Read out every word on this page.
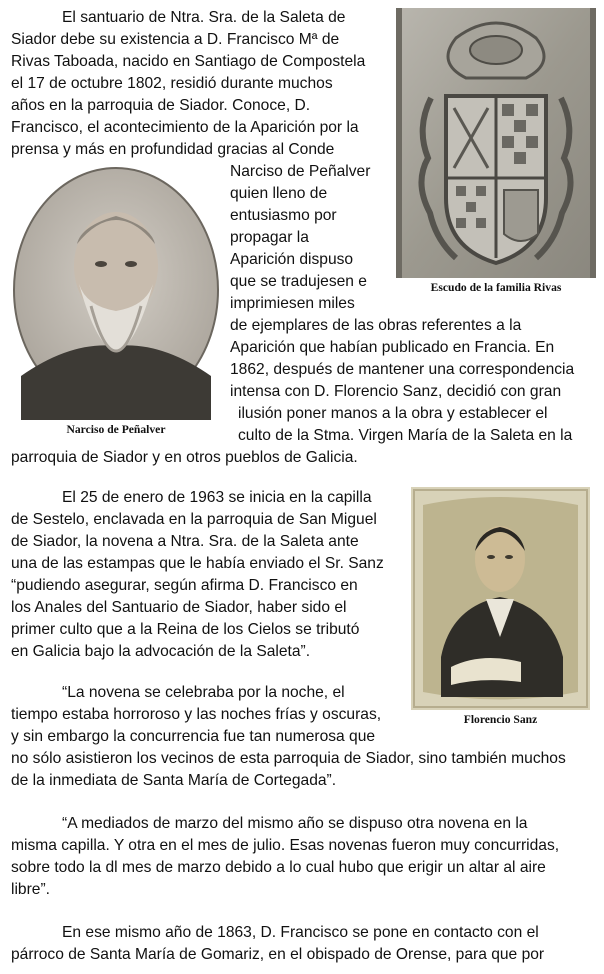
El santuario de Ntra. Sra. de la Saleta de

Siador debe su existencia a D. Francisco Mª de

Rivas Taboada, nacido en Santiago de Compostela

el 17 de octubre 1802, residió durante muchos

años en la parroquia de Siador. Conoce, D.

Francisco, el acontecimiento de la Aparición por la

prensa y más en profundidad gracias al Conde

Narciso de Peñalver

quien lleno de

entusiasmo por

propagar la

Aparición dispuso

que se tradujesen e

imprimiesen miles

de ejemplares de las obras referentes a la

Aparición que habían publicado en Francia. En

1862, después de mantener una correspondencia

intensa con D. Florencio Sanz, decidió con gran

ilusión poner manos a la obra y establecer el

culto de la Stma. Virgen María de la Saleta en la

parroquia de Siador y en otros pueblos de Galicia.

El 25 de enero de 1963 se inicia en la capilla

de Sestelo, enclavada en la parroquia de San Miguel

de Siador, la novena a Ntra. Sra. de la Saleta ante

una de las estampas que le había enviado el Sr. Sanz

“pudiendo asegurar, según afirma D. Francisco en

los Anales del Santuario de Siador, haber sido el

primer culto que a la Reina de los Cielos se tributó

en Galicia bajo la advocación de la Saleta”.

“La novena se celebraba por la noche, el

tiempo estaba horroroso y las noches frías y oscuras,

y sin embargo la concurrencia fue tan numerosa que

no sólo asistieron los vecinos de esta parroquia de Siador, sino también muchos

de la inmediata de Santa María de Cortegada”.

“A mediados de marzo del mismo año se dispuso otra novena en la

misma capilla. Y otra en el mes de julio. Esas novenas fueron muy concurridas,

sobre todo la dl mes de marzo debido a lo cual hubo que erigir un altar al aire

libre”.

En ese mismo año de 1863, D. Francisco se pone en contacto con el

párroco de Santa María de Gomariz, en el obispado de Orense, para que por

Escudo de la familia Rivas
Narciso de Peñalver
Florencio Sanz
